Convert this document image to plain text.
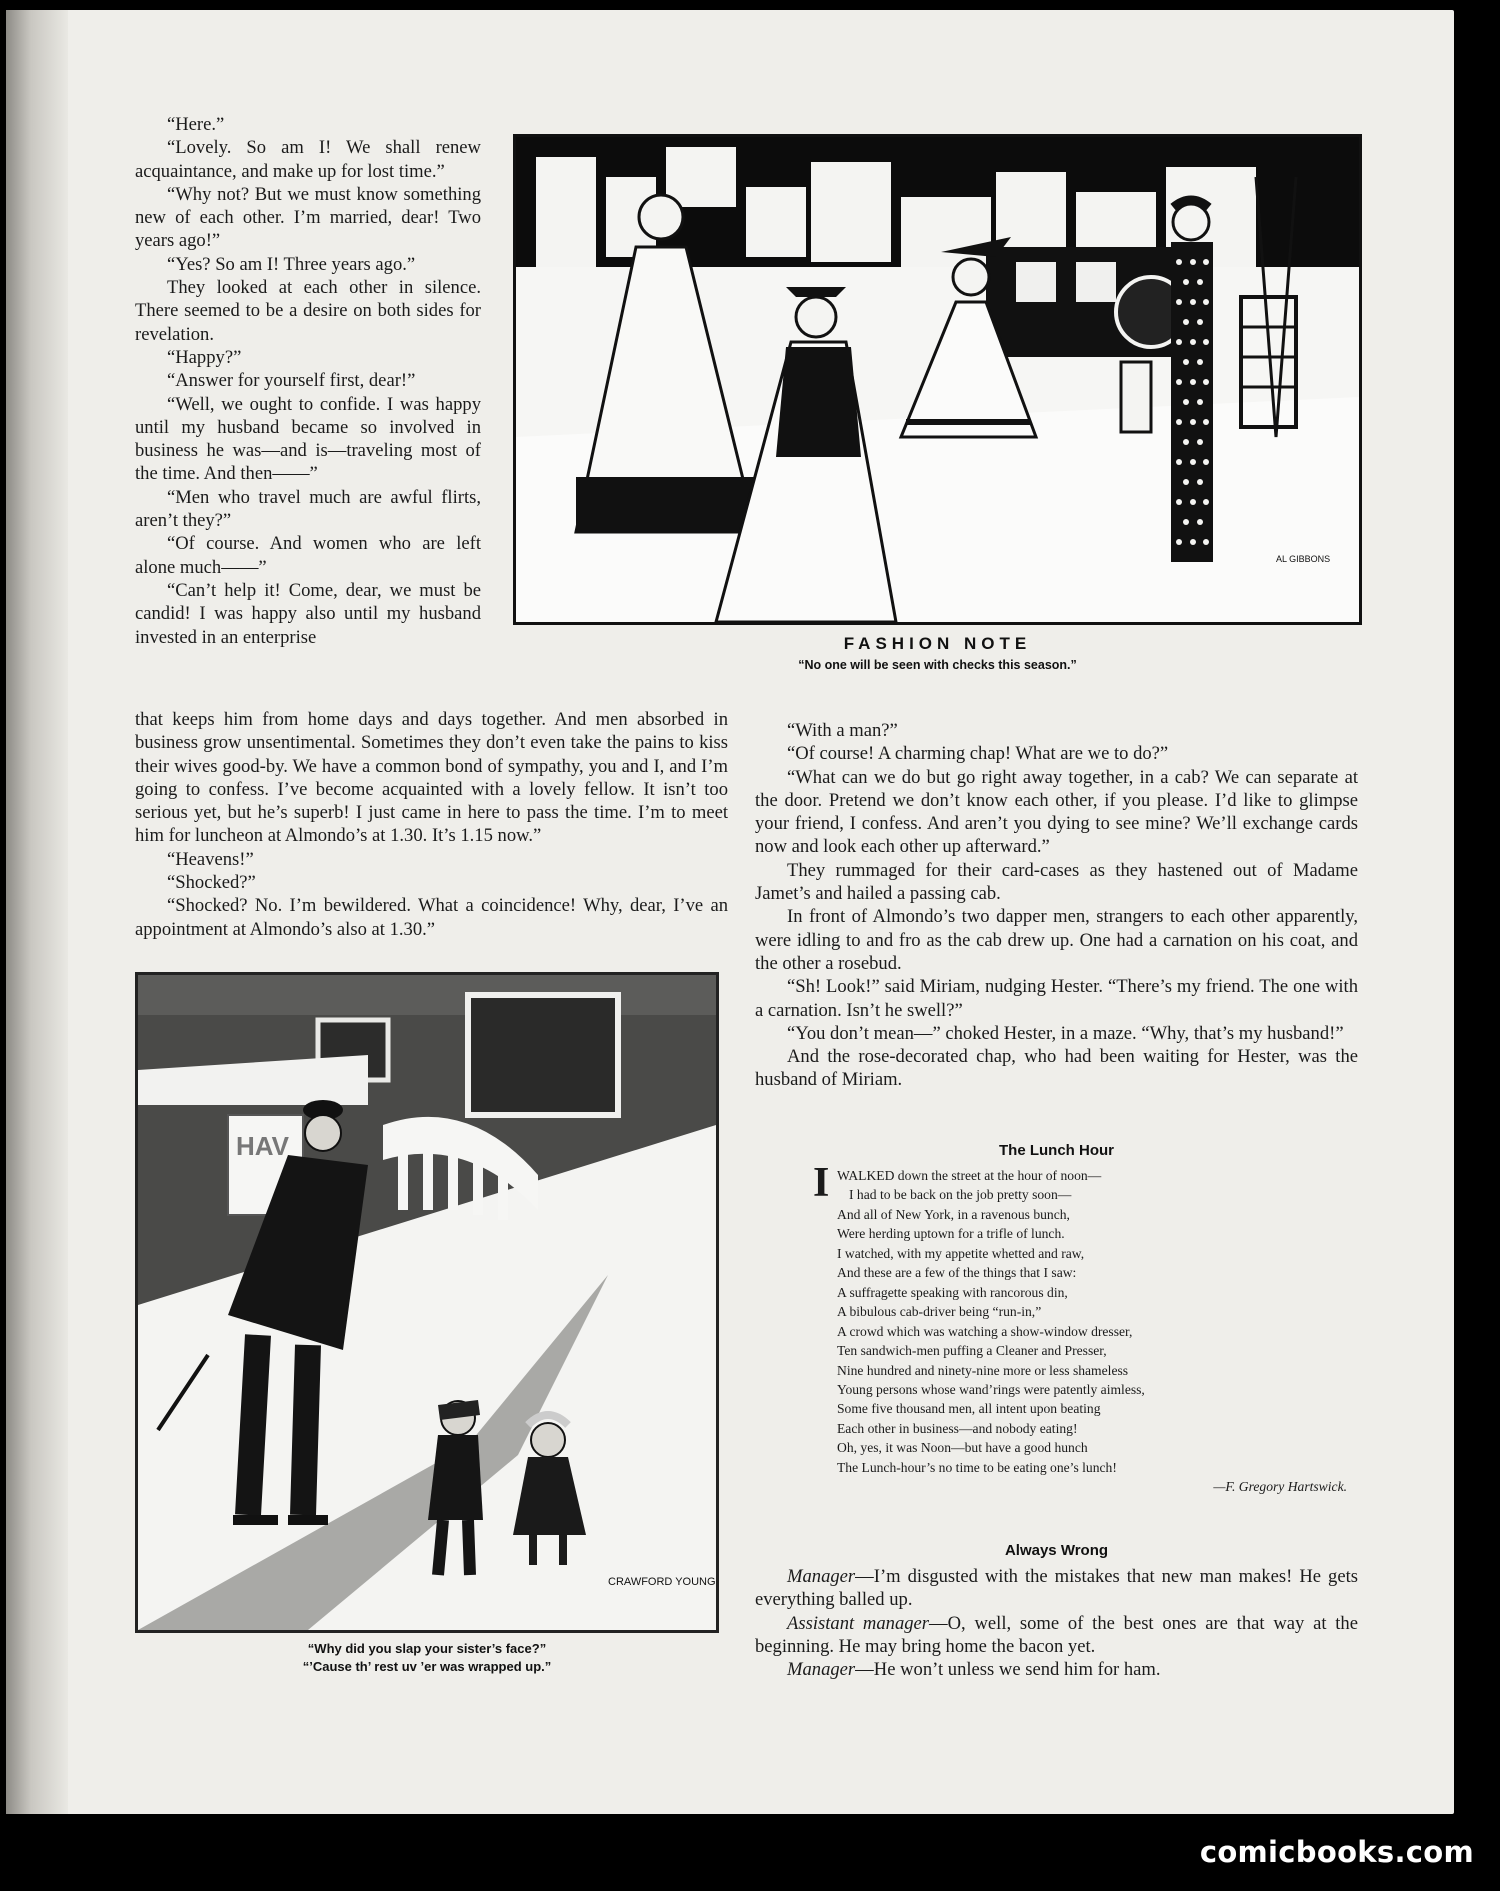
“Here.”

“Lovely. So am I! We shall renew acquaintance, and make up for lost time.”

“Why not? But we must know something new of each other. I’m married, dear! Two years ago!”

“Yes? So am I! Three years ago.”

They looked at each other in silence. There seemed to be a desire on both sides for revelation.

“Happy?”

“Answer for yourself first, dear!”

“Well, we ought to confide. I was happy until my husband became so involved in business he was—and is—traveling most of the time. And then——”

“Men who travel much are awful flirts, aren’t they?”

“Of course. And women who are left alone much——”

“Can’t help it! Come, dear, we must be candid! I was happy also until my husband invested in an enterprise

that keeps him from home days and days together. And men absorbed in business grow unsentimental. Sometimes they don’t even take the pains to kiss their wives good-by. We have a common bond of sympathy, you and I, and I’m going to confess. I’ve become acquainted with a lovely fellow. It isn’t too serious yet, but he’s superb! I just came in here to pass the time. I’m to meet him for luncheon at Almondo’s at 1.30. It’s 1.15 now.”

“Heavens!”

“Shocked?”

“Shocked? No. I’m bewildered. What a coincidence! Why, dear, I’ve an appointment at Almondo’s also at 1.30.”

AL GIBBONS
FASHION NOTE
“No one will be seen with checks this season.”
HAV
CRAWFORD YOUNG
“Why did you slap your sister’s face?”
“’Cause th’ rest uv ’er was wrapped up.”

“With a man?”

“Of course! A charming chap! What are we to do?”

“What can we do but go right away together, in a cab? We can separate at the door. Pretend we don’t know each other, if you please. I’d like to glimpse your friend, I confess. And aren’t you dying to see mine? We’ll exchange cards now and look each other up afterward.”

They rummaged for their card-cases as they hastened out of Madame Jamet’s and hailed a passing cab.

In front of Almondo’s two dapper men, strangers to each other apparently, were idling to and fro as the cab drew up. One had a carnation on his coat, and the other a rosebud.

“Sh! Look!” said Miriam, nudging Hester. “There’s my friend. The one with a carnation. Isn’t he swell?”

“You don’t mean—” choked Hester, in a maze. “Why, that’s my husband!”

And the rose-decorated chap, who had been waiting for Hester, was the husband of Miriam.

The Lunch Hour
I WALKED down the street at the hour of noon—
I had to be back on the job pretty soon—
And all of New York, in a ravenous bunch,
Were herding uptown for a trifle of lunch.
I watched, with my appetite whetted and raw,
And these are a few of the things that I saw:
A suffragette speaking with rancorous din,
A bibulous cab-driver being “run-in,”
A crowd which was watching a show-window dresser,
Ten sandwich-men puffing a Cleaner and Presser,
Nine hundred and ninety-nine more or less shameless
Young persons whose wand’rings were patently aimless,
Some five thousand men, all intent upon beating
Each other in business—and nobody eating!
Oh, yes, it was Noon—but have a good hunch
The Lunch-hour’s no time to be eating one’s lunch!
—F. Gregory Hartswick.
Always Wrong

Manager—I’m disgusted with the mistakes that new man makes! He gets everything balled up.

Assistant manager—O, well, some of the best ones are that way at the beginning. He may bring home the bacon yet.

Manager—He won’t unless we send him for ham.

comicbooks.com
